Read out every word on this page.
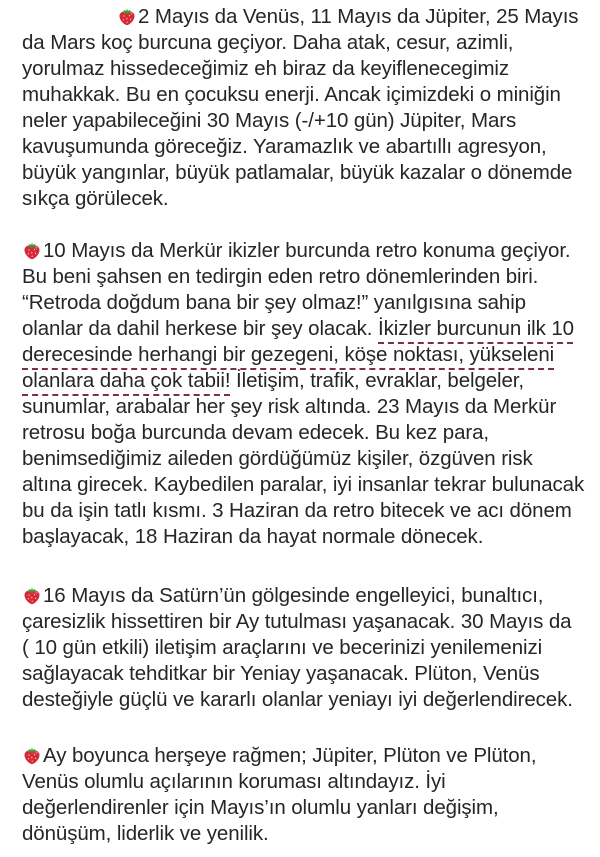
2 Mayıs da Venüs, 11 Mayıs da Jüpiter, 25 Mayıs
da Mars koç burcuna geçiyor. Daha atak, cesur, azimli,
yorulmaz hissedeceğimiz eh biraz da keyiflenecegimiz
muhakkak. Bu en çocuksu enerji. Ancak içimizdeki o miniğin
neler yapabileceğini 30 Mayıs (-/+10 gün) Jüpiter, Mars
kavuşumunda göreceğiz. Yaramazlık ve abartıllı agresyon,
büyük yangınlar, büyük patlamalar, büyük kazalar o dönemde
sıkça görülecek.
10 Mayıs da Merkür ikizler burcunda retro konuma geçiyor.
Bu beni şahsen en tedirgin eden retro dönemlerinden biri.
“Retroda doğdum bana bir şey olmaz!” yanılgısına sahip
olanlar da dahil herkese bir şey olacak. İkizler burcunun ilk 10
derecesinde herhangi bir gezegeni, köşe noktası, yükseleni
olanlara daha çok tabii! İletişim, trafik, evraklar, belgeler,
sunumlar, arabalar her şey risk altında. 23 Mayıs da Merkür
retrosu boğa burcunda devam edecek. Bu kez para,
benimsediğimiz aileden gördüğümüz kişiler, özgüven risk
altına girecek. Kaybedilen paralar, iyi insanlar tekrar bulunacak
bu da işin tatlı kısmı. 3 Haziran da retro bitecek ve acı dönem
başlayacak, 18 Haziran da hayat normale dönecek.
16 Mayıs da Satürn’ün gölgesinde engelleyici, bunaltıcı,
çaresizlik hissettiren bir Ay tutulması yaşanacak. 30 Mayıs da
( 10 gün etkili) iletişim araçlarını ve becerinizi yenilemenizi
sağlayacak tehditkar bir Yeniay yaşanacak. Plüton, Venüs
desteğiyle güçlü ve kararlı olanlar yeniayı iyi değerlendirecek.
Ay boyunca herşeye rağmen; Jüpiter, Plüton ve Plüton,
Venüs olumlu açılarının koruması altındayız. İyi
değerlendirenler için Mayıs’ın olumlu yanları değişim,
dönüşüm, liderlik ve yenilik.
